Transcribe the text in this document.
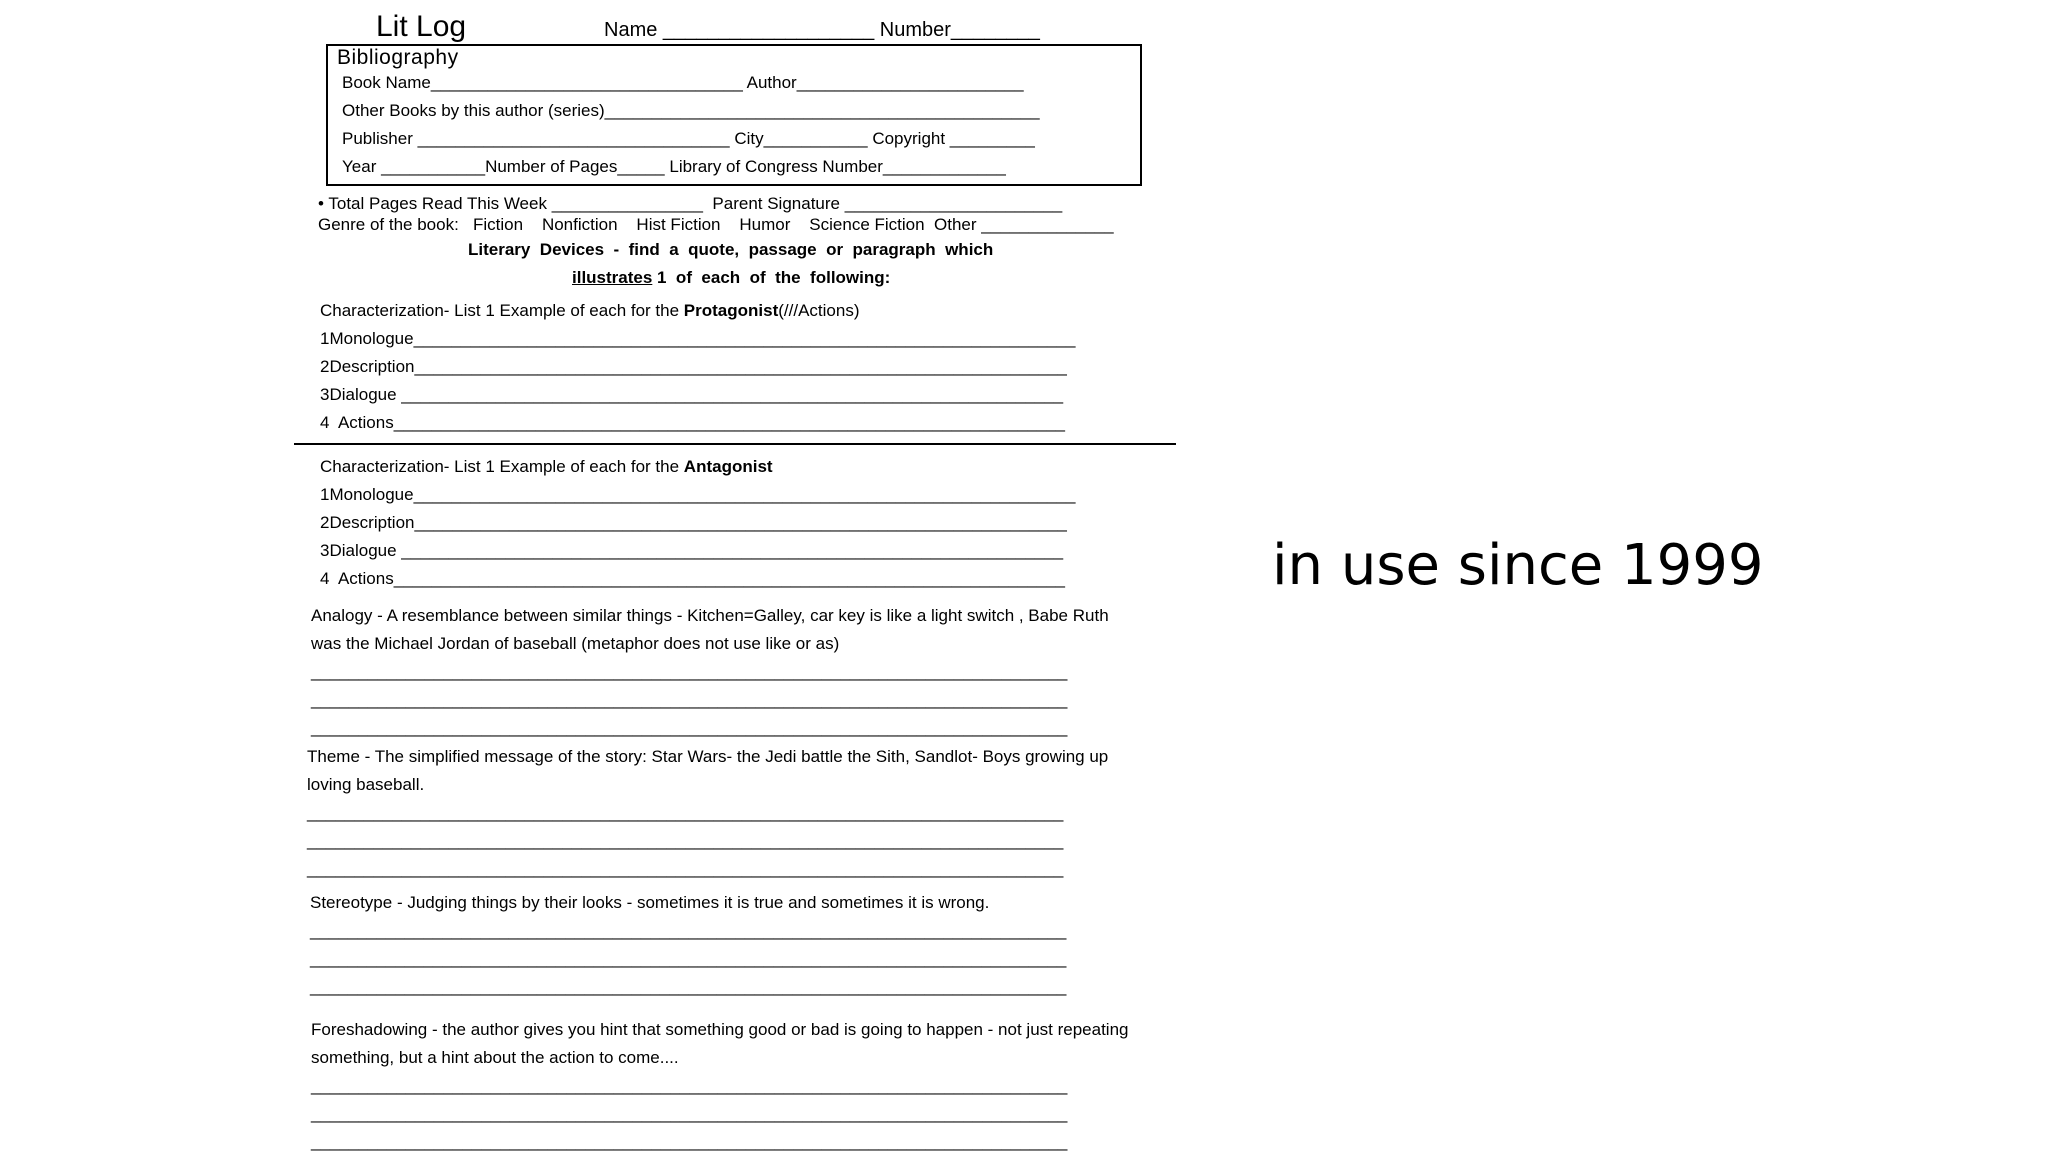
Lit Log	Name ___________________ Number________
Bibliography
Book Name_________________________________ Author________________________
Other Books by this author (series)______________________________________________
Publisher _________________________________ City___________ Copyright _________
Year ___________Number of Pages_____ Library of Congress Number_____________
• Total Pages Read This Week ________________  Parent Signature _______________________
Genre of the book:   Fiction    Nonfiction    Hist Fiction    Humor    Science Fiction  Other ______________
Literary  Devices  -  find  a  quote,  passage  or  paragraph  which
illustrates 1  of  each  of  the  following:
Characterization- List 1 Example of each for the Protagonist(///Actions)
1Monologue______________________________________________________________________
2Description_____________________________________________________________________
3Dialogue ______________________________________________________________________
4  Actions_______________________________________________________________________
Characterization- List 1 Example of each for the Antagonist
1Monologue______________________________________________________________________
2Description_____________________________________________________________________
3Dialogue ______________________________________________________________________
4  Actions_______________________________________________________________________
Analogy - A resemblance between similar things - Kitchen=Galley, car key is like a light switch , Babe Ruth
was the Michael Jordan of baseball (metaphor does not use like or as)
________________________________________________________________________________
________________________________________________________________________________
________________________________________________________________________________
Theme - The simplified message of the story: Star Wars- the Jedi battle the Sith, Sandlot- Boys growing up
loving baseball.
________________________________________________________________________________
________________________________________________________________________________
________________________________________________________________________________
Stereotype - Judging things by their looks - sometimes it is true and sometimes it is wrong.
________________________________________________________________________________
________________________________________________________________________________
________________________________________________________________________________
Foreshadowing - the author gives you hint that something good or bad is going to happen - not just repeating
something, but a hint about the action to come....
________________________________________________________________________________
________________________________________________________________________________
________________________________________________________________________________
in use since 1999
